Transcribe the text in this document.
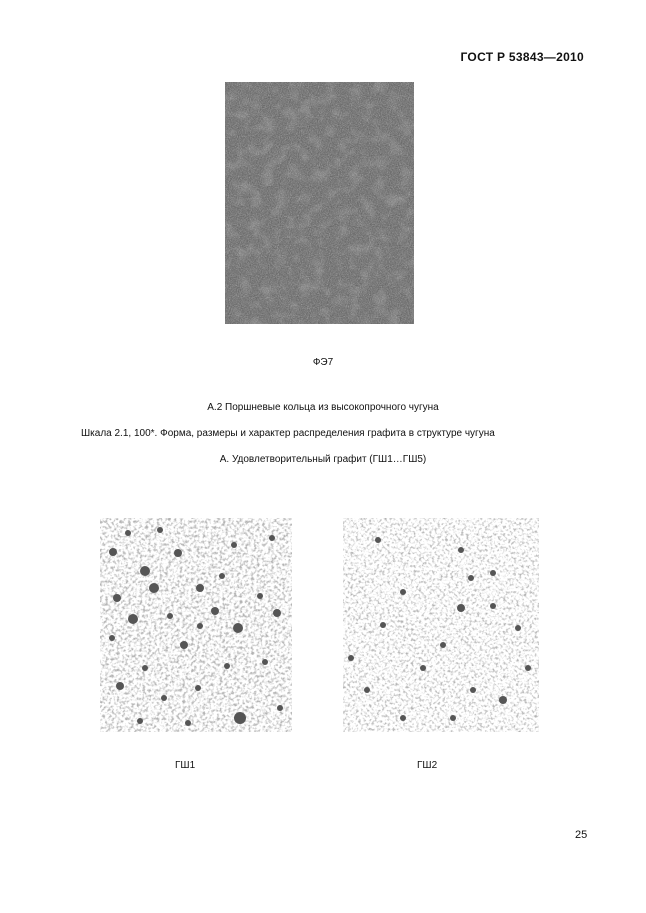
ГОСТ Р 53843—2010
ФЭ7
А.2 Поршневые кольца из высокопрочного чугуна
Шкала 2.1, 100*. Форма, размеры и характер распределения графита в структуре чугуна
А. Удовлетворительный графит (ГШ1…ГШ5)
ГШ1	ГШ2
25
